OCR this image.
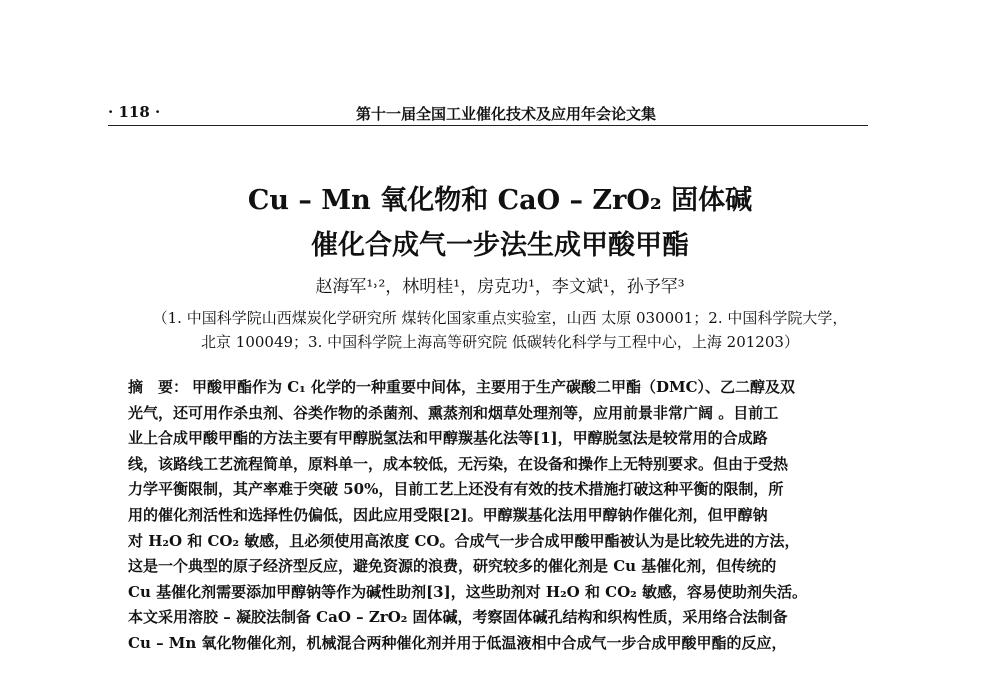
· 118 ·	第十一届全国工业催化技术及应用年会论文集
Cu – Mn 氧化物和 CaO – ZrO₂ 固体碱
催化合成气一步法生成甲酸甲酯
赵海军¹˒²，林明桂¹，房克功¹，李文斌¹，孙予罕³
（1. 中国科学院山西煤炭化学研究所 煤转化国家重点实验室，山西 太原 030001；2. 中国科学院大学，
北京 100049；3. 中国科学院上海高等研究院 低碳转化科学与工程中心，上海 201203）
摘　要： 甲酸甲酯作为 C₁ 化学的一种重要中间体，主要用于生产碳酸二甲酯（DMC）、乙二醇及双
光气，还可用作杀虫剂、谷类作物的杀菌剂、熏蒸剂和烟草处理剂等，应用前景非常广阔 。目前工
业上合成甲酸甲酯的方法主要有甲醇脱氢法和甲醇羰基化法等[1]，甲醇脱氢法是较常用的合成路
线，该路线工艺流程简单，原料单一，成本较低，无污染，在设备和操作上无特别要求。但由于受热
力学平衡限制，其产率难于突破 50%，目前工艺上还没有有效的技术措施打破这种平衡的限制，所
用的催化剂活性和选择性仍偏低，因此应用受限[2]。甲醇羰基化法用甲醇钠作催化剂，但甲醇钠
对 H₂O 和 CO₂ 敏感，且必须使用高浓度 CO。合成气一步合成甲酸甲酯被认为是比较先进的方法，
这是一个典型的原子经济型反应，避免资源的浪费，研究较多的催化剂是 Cu 基催化剂，但传统的
Cu 基催化剂需要添加甲醇钠等作为碱性助剂[3]，这些助剂对 H₂O 和 CO₂ 敏感，容易使助剂失活。
本文采用溶胶 – 凝胶法制备 CaO – ZrO₂ 固体碱，考察固体碱孔结构和织构性质，采用络合法制备
Cu – Mn 氧化物催化剂，机械混合两种催化剂并用于低温液相中合成气一步合成甲酸甲酯的反应，
